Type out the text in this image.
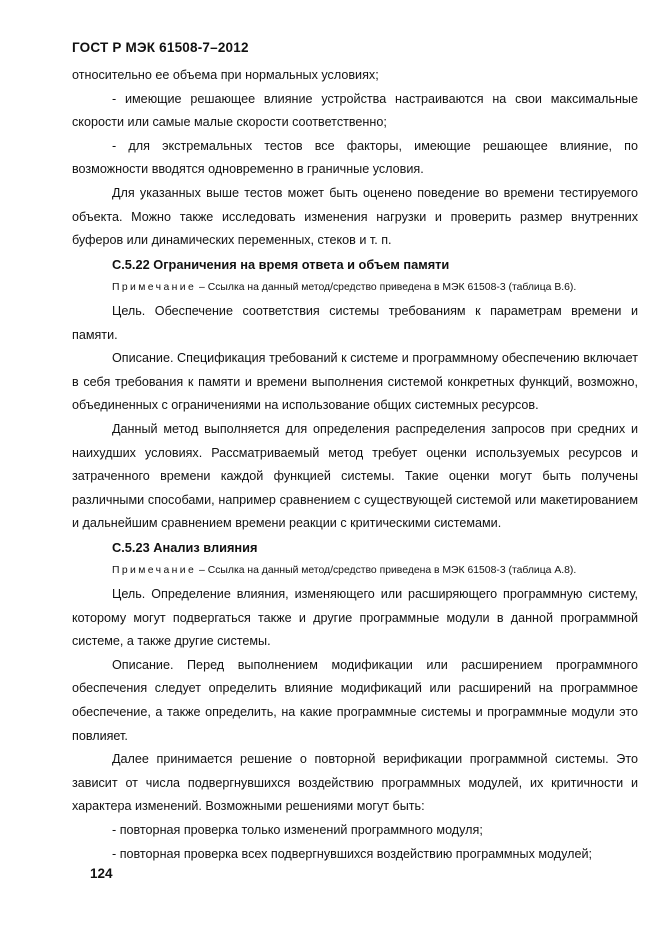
ГОСТ Р МЭК 61508-7–2012

относительно ее объема при нормальных условиях;

- имеющие решающее влияние устройства настраиваются на свои максимальные скорости или самые малые скорости соответственно;

- для экстремальных тестов все факторы, имеющие решающее влияние, по возможности вводятся одновременно в граничные условия.

Для указанных выше тестов может быть оценено поведение во времени тестируемого объекта. Можно также исследовать изменения нагрузки и проверить размер внутренних буферов или динамических переменных, стеков и т. п.

С.5.22 Ограничения на время ответа и объем памяти

Примечание – Ссылка на данный метод/средство приведена в МЭК 61508-3 (таблица В.6).

Цель. Обеспечение соответствия системы требованиям к параметрам времени и памяти.

Описание. Спецификация требований к системе и программному обеспечению включает в себя требования к памяти и времени выполнения системой конкретных функций, возможно, объединенных с ограничениями на использование общих системных ресурсов.

Данный метод выполняется для определения распределения запросов при средних и наихудших условиях. Рассматриваемый метод требует оценки используемых ресурсов и затраченного времени каждой функцией системы. Такие оценки могут быть получены различными способами, например сравнением с существующей системой или макетированием и дальнейшим сравнением времени реакции с критическими системами.

С.5.23 Анализ влияния

Примечание – Ссылка на данный метод/средство приведена в МЭК 61508-3 (таблица А.8).

Цель. Определение влияния, изменяющего или расширяющего программную систему, которому могут подвергаться также и другие программные модули в данной программной системе, а также другие системы.

Описание. Перед выполнением модификации или расширением программного обеспечения следует определить влияние модификаций или расширений на программное обеспечение, а также определить, на какие программные системы и программные модули это повлияет.

Далее принимается решение о повторной верификации программной системы. Это зависит от числа подвергнувшихся воздействию программных модулей, их критичности и характера изменений. Возможными решениями могут быть:

- повторная проверка только изменений программного модуля;

- повторная проверка всех подвергнувшихся воздействию программных модулей;

124
